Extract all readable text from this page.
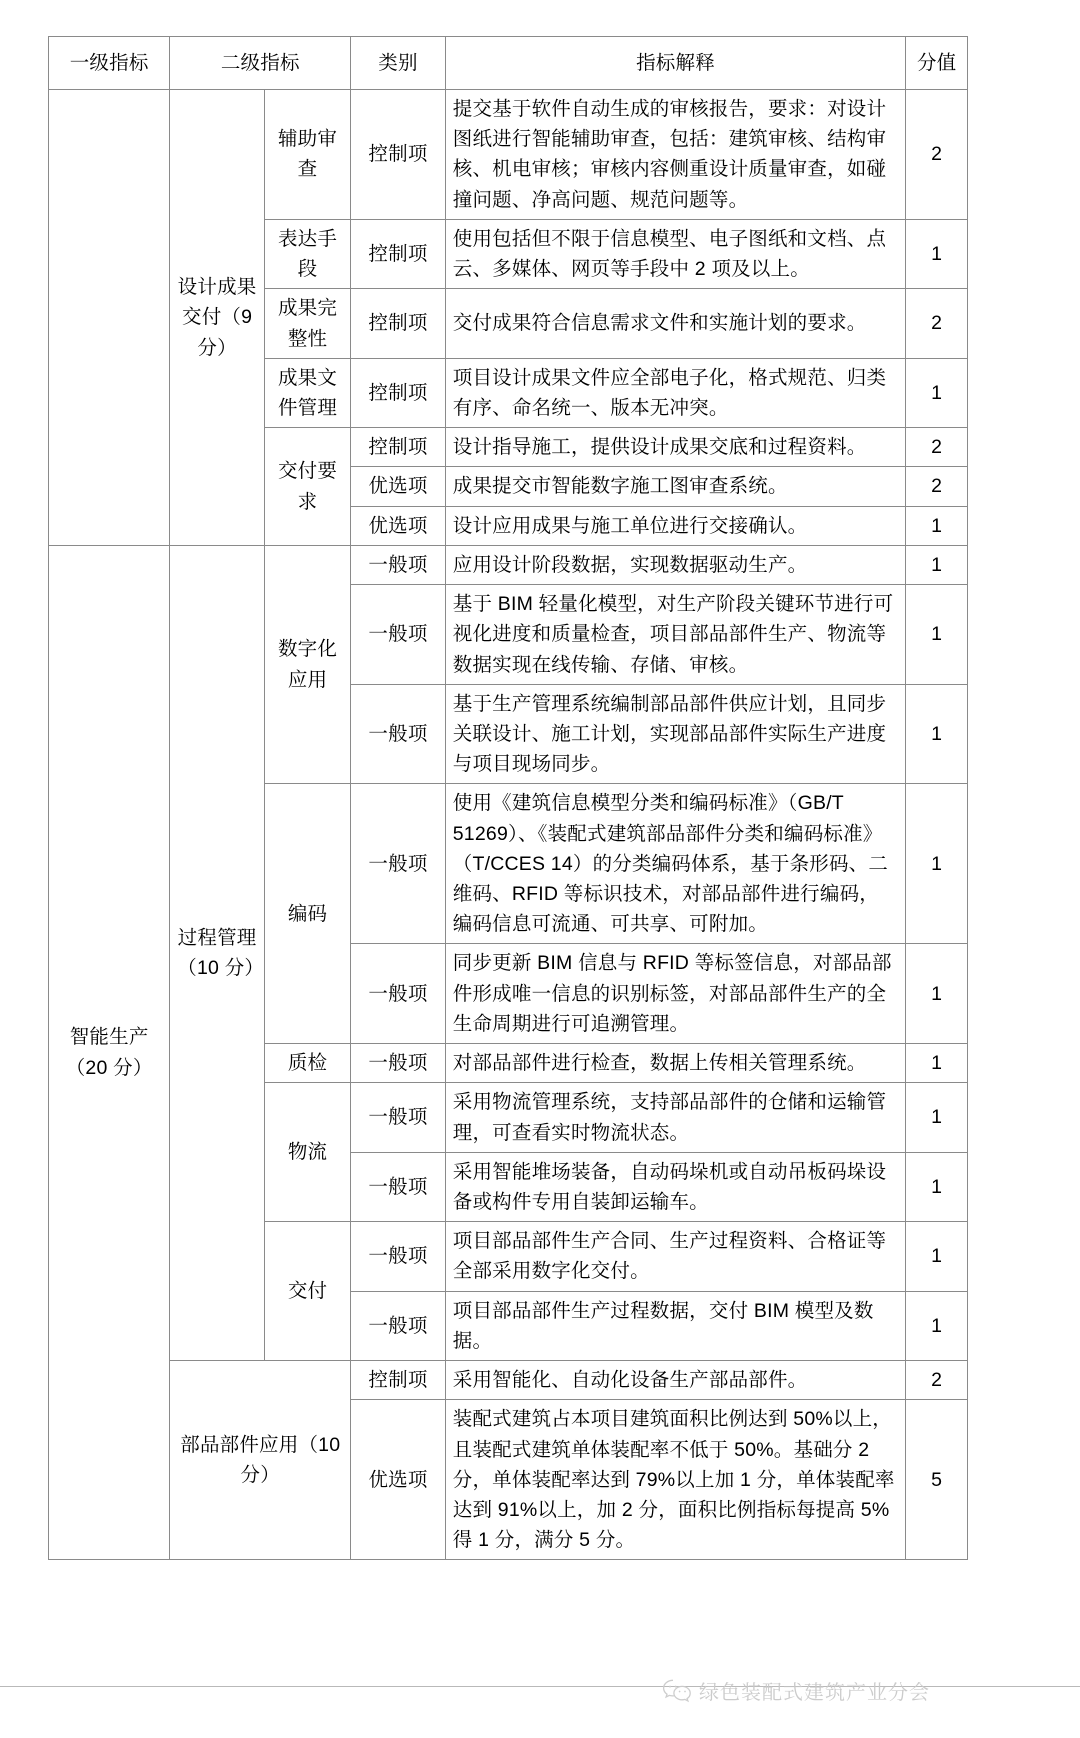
一级指标	二级指标		类别	指标解释	分值
	设计成果交付（9 分）	辅助审查	控制项	提交基于软件自动生成的审核报告，要求：对设计图纸进行智能辅助审查，包括：建筑审核、结构审核、机电审核；审核内容侧重设计质量审查，如碰撞问题、净高问题、规范问题等。	2
		表达手段	控制项	使用包括但不限于信息模型、电子图纸和文档、点云、多媒体、网页等手段中 2 项及以上。	1
		成果完整性	控制项	交付成果符合信息需求文件和实施计划的要求。	2
		成果文件管理	控制项	项目设计成果文件应全部电子化，格式规范、归类有序、命名统一、版本无冲突。	1
		交付要求	控制项	设计指导施工，提供设计成果交底和过程资料。	2
			优选项	成果提交市智能数字施工图审查系统。	2
			优选项	设计应用成果与施工单位进行交接确认。	1
智能生产（20 分）	过程管理（10 分）	数字化应用	一般项	应用设计阶段数据，实现数据驱动生产。	1
			一般项	基于 BIM 轻量化模型，对生产阶段关键环节进行可视化进度和质量检查，项目部品部件生产、物流等数据实现在线传输、存储、审核。	1
			一般项	基于生产管理系统编制部品部件供应计划，且同步关联设计、施工计划，实现部品部件实际生产进度与项目现场同步。	1
		编码	一般项	使用《建筑信息模型分类和编码标准》（GB/T 51269）、《装配式建筑部品部件分类和编码标准》（T/CCES 14）的分类编码体系，基于条形码、二维码、RFID 等标识技术，对部品部件进行编码，编码信息可流通、可共享、可附加。	1
			一般项	同步更新 BIM 信息与 RFID 等标签信息，对部品部件形成唯一信息的识别标签，对部品部件生产的全生命周期进行可追溯管理。	1
		质检	一般项	对部品部件进行检查，数据上传相关管理系统。	1
		物流	一般项	采用物流管理系统，支持部品部件的仓储和运输管理，可查看实时物流状态。	1
			一般项	采用智能堆场装备，自动码垛机或自动吊板码垛设备或构件专用自装卸运输车。	1
		交付	一般项	项目部品部件生产合同、生产过程资料、合格证等全部采用数字化交付。	1
			一般项	项目部品部件生产过程数据，交付 BIM 模型及数据。	1
	部品部件应用（10 分）		控制项	采用智能化、自动化设备生产部品部件。	2
			优选项	装配式建筑占本项目建筑面积比例达到 50%以上，且装配式建筑单体装配率不低于 50%。基础分 2 分，单体装配率达到 79%以上加 1 分，单体装配率达到 91%以上，加 2 分，面积比例指标每提高 5%得 1 分，满分 5 分。	5
绿色装配式建筑产业分会
